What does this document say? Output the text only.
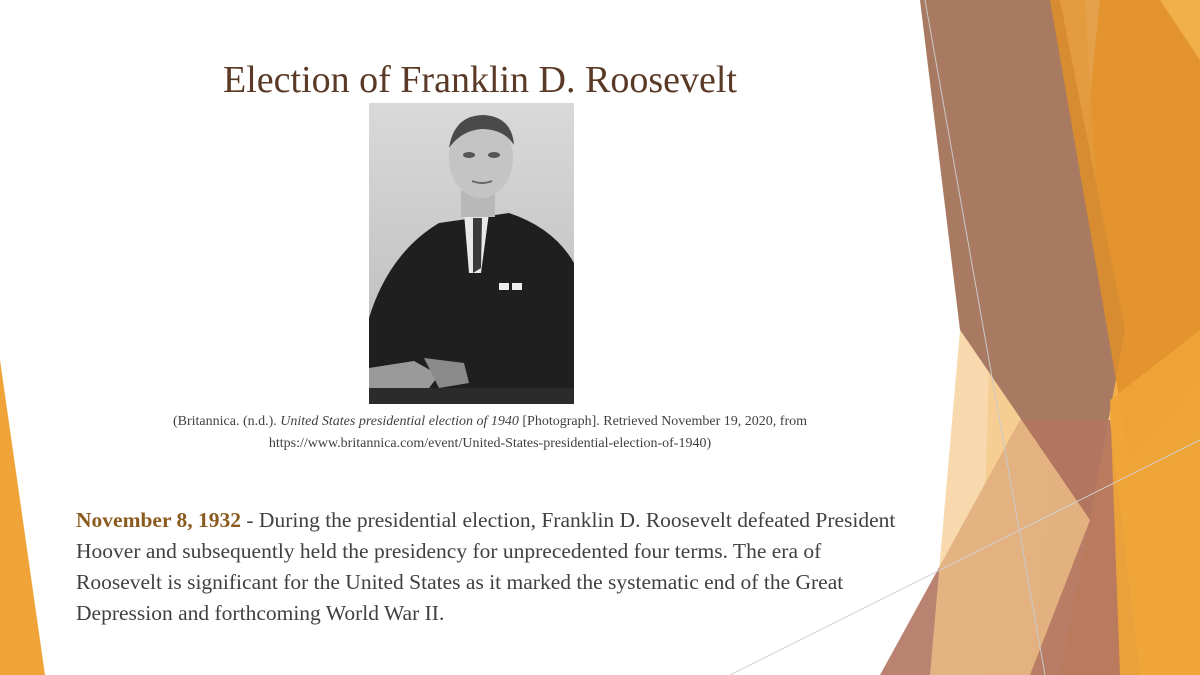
Election of Franklin D. Roosevelt
(Britannica. (n.d.). United States presidential election of 1940 [Photograph]. Retrieved November 19, 2020, from
https://www.britannica.com/event/United-States-presidential-election-of-1940)
November 8, 1932 - During the presidential election, Franklin D. Roosevelt defeated President Hoover and subsequently held the presidency for unprecedented four terms. The era of Roosevelt is significant for the United States as it marked the systematic end of the Great Depression and forthcoming World War II.
